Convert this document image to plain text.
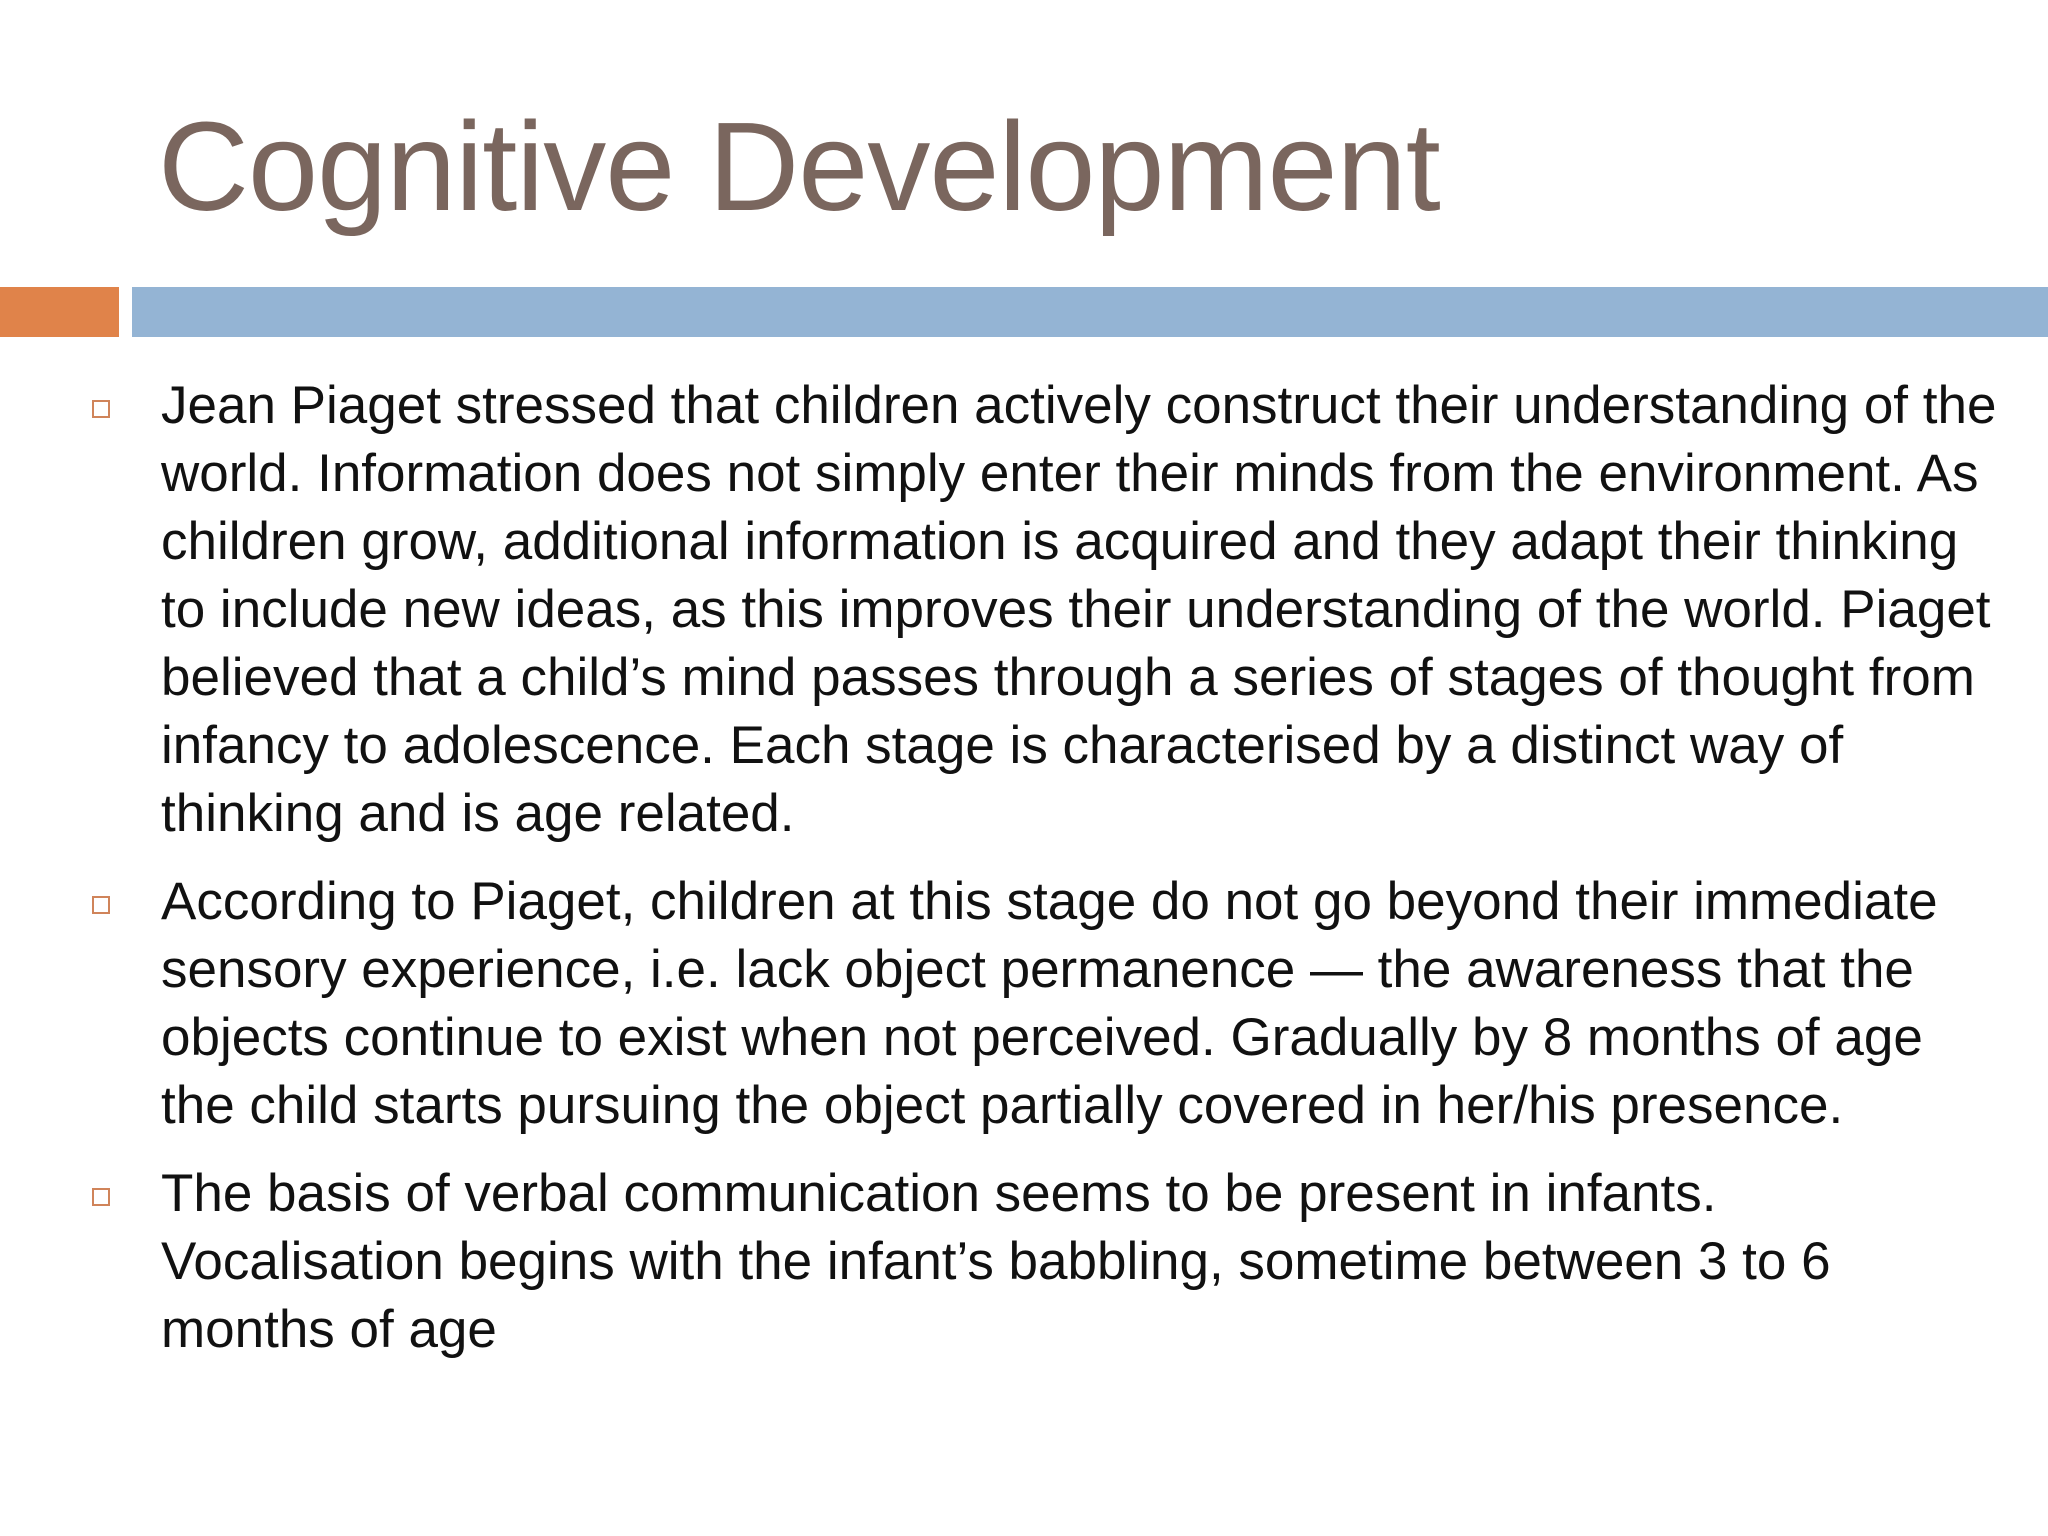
Cognitive Development
Jean Piaget stressed that children actively construct their understanding of the world. Information does not simply enter their minds from the environment. As children grow, additional information is acquired and they adapt their thinking to include new ideas, as this improves their understanding of the world. Piaget believed that a child’s mind passes through a series of stages of thought from infancy to adolescence. Each stage is characterised by a distinct way of thinking and is age related.
According to Piaget, children at this stage do not go beyond their immediate sensory experience, i.e. lack object permanence — the awareness that the objects continue to exist when not perceived. Gradually by 8 months of age the child starts pursuing the object partially covered in her/his presence.
The basis of verbal communication seems to be present in infants. Vocalisation begins with the infant’s babbling, sometime between 3 to 6 months of age
